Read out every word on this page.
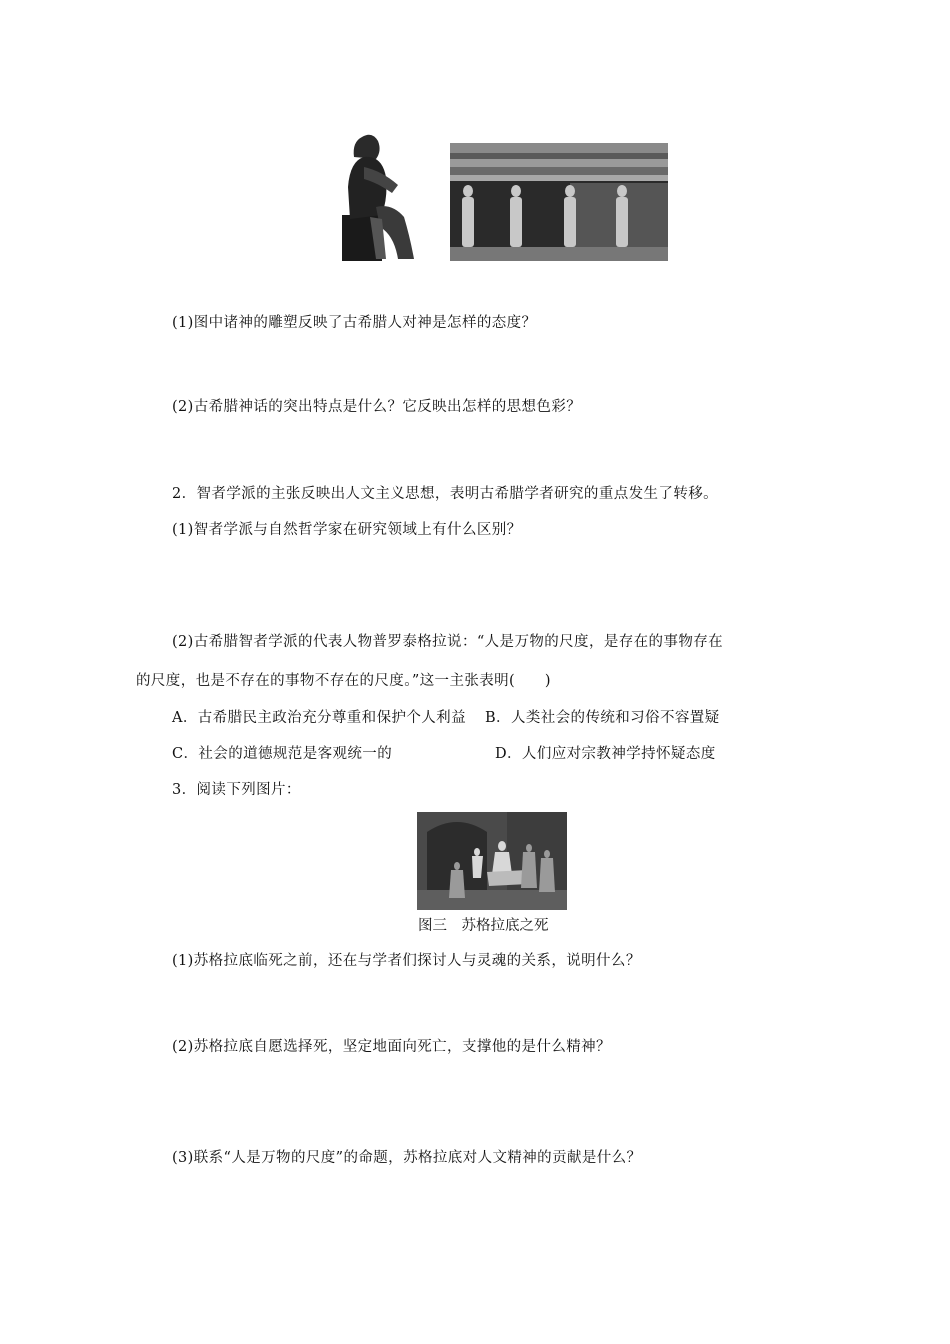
(1)图中诸神的雕塑反映了古希腊人对神是怎样的态度？
(2)古希腊神话的突出特点是什么？它反映出怎样的思想色彩？
2．智者学派的主张反映出人文主义思想，表明古希腊学者研究的重点发生了转移。
(1)智者学派与自然哲学家在研究领域上有什么区别？
(2)古希腊智者学派的代表人物普罗泰格拉说：“人是万物的尺度，是存在的事物存在
的尺度，也是不存在的事物不存在的尺度。”这一主张表明(　　)
A．古希腊民主政治充分尊重和保护个人利益 B．人类社会的传统和习俗不容置疑
C．社会的道德规范是客观统一的	D．人们应对宗教神学持怀疑态度
3．阅读下列图片：
图三　苏格拉底之死
(1)苏格拉底临死之前，还在与学者们探讨人与灵魂的关系，说明什么？
(2)苏格拉底自愿选择死，坚定地面向死亡，支撑他的是什么精神？
(3)联系“人是万物的尺度”的命题，苏格拉底对人文精神的贡献是什么？
